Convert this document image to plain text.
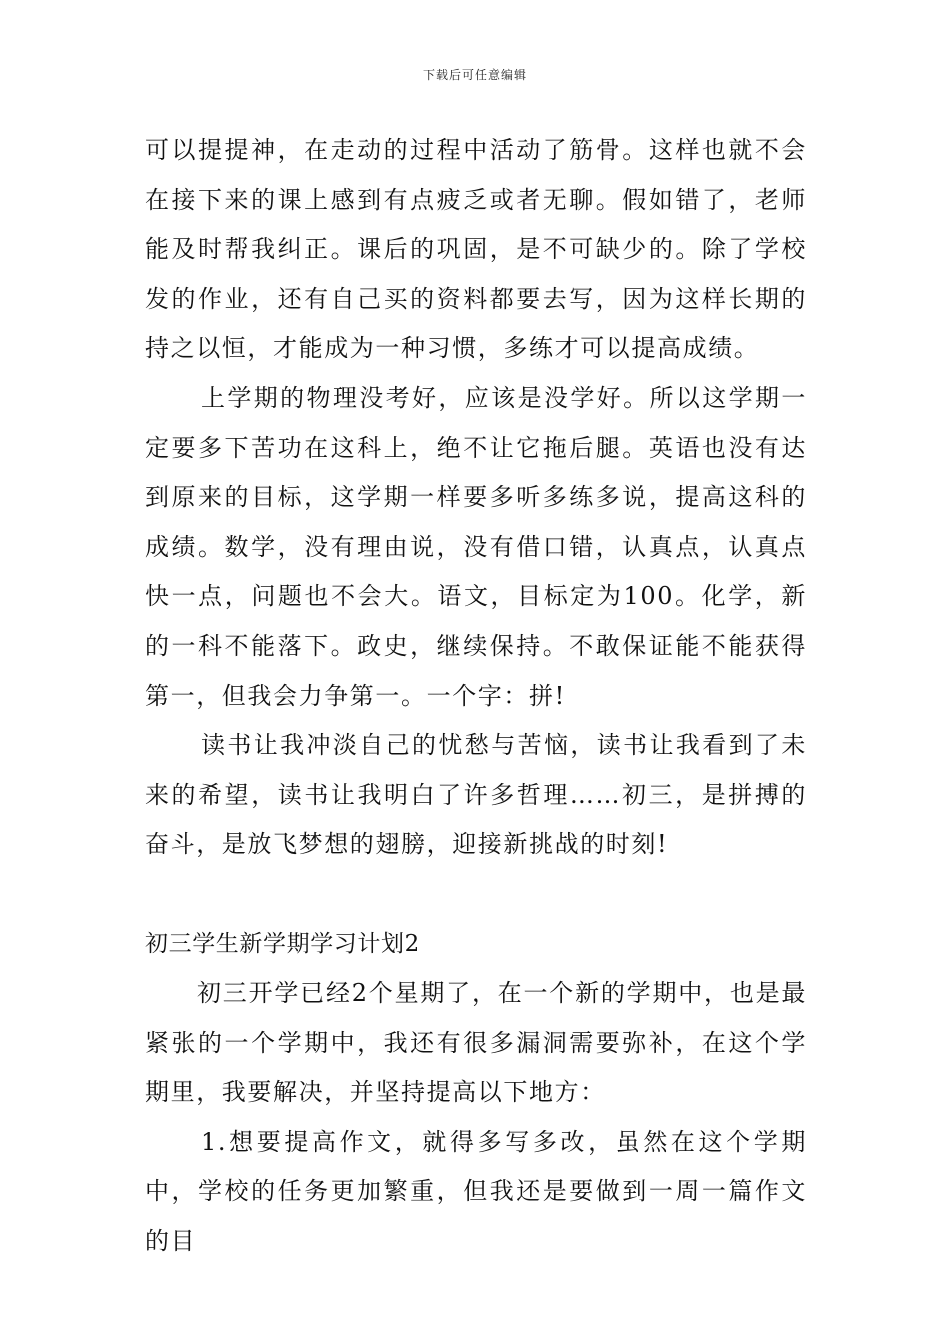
下载后可任意编辑

可以提提神，在走动的过程中活动了筋骨。这样也就不会在接下来的课上感到有点疲乏或者无聊。假如错了，老师能及时帮我纠正。课后的巩固，是不可缺少的。除了学校发的作业，还有自己买的资料都要去写，因为这样长期的持之以恒，才能成为一种习惯，多练才可以提高成绩。

上学期的物理没考好，应该是没学好。所以这学期一定要多下苦功在这科上，绝不让它拖后腿。英语也没有达到原来的目标，这学期一样要多听多练多说，提高这科的成绩。数学，没有理由说，没有借口错，认真点，认真点快一点，问题也不会大。语文，目标定为100。化学，新的一科不能落下。政史，继续保持。不敢保证能不能获得第一，但我会力争第一。一个字：拼!

读书让我冲淡自己的忧愁与苦恼，读书让我看到了未来的希望，读书让我明白了许多哲理……初三，是拼搏的奋斗，是放飞梦想的翅膀，迎接新挑战的时刻!

初三学生新学期学习计划2

初三开学已经2个星期了，在一个新的学期中，也是最紧张的一个学期中，我还有很多漏洞需要弥补，在这个学期里，我要解决，并坚持提高以下地方：

1.想要提高作文，就得多写多改，虽然在这个学期中，学校的任务更加繁重，但我还是要做到一周一篇作文的目
